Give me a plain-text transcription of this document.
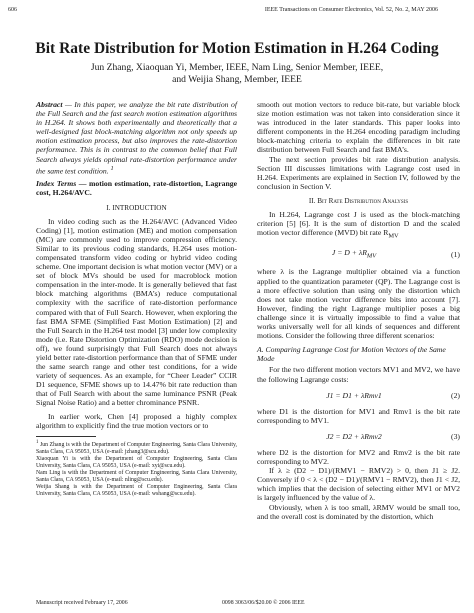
606	IEEE Transactions on Consumer Electronics, Vol. 52, No. 2, MAY 2006
Bit Rate Distribution for Motion Estimation in H.264 Coding
Jun Zhang, Xiaoquan Yi, Member, IEEE, Nam Ling, Senior Member, IEEE,
and Weijia Shang, Member, IEEE

Abstract — In this paper, we analyze the bit rate distribution of the Full Search and the fast search motion estimation algorithms in H.264. It shows both experimentally and theoretically that a well-designed fast block-matching algorithm not only speeds up motion estimation process, but also improves the rate-distortion performance. This is in contrast to the common belief that Full Search always yields optimal rate-distortion performance under the same test condition. $^1$

Index Terms — motion estimation, rate-distortion, Lagrange cost, H.264/AVC.

I. INTRODUCTION

In video coding such as the H.264/AVC (Advanced Video Coding) [1], motion estimation (ME) and motion compensation (MC) are commonly used to improve compression efficiency. Similar to its previous coding standards, H.264 uses motion-compensated transform video coding or hybrid video coding scheme. One important decision is what motion vector (MV) or a set of block MVs should be used for macroblock motion compensation in the inter-mode. It is generally believed that fast block matching algorithms (BMA’s) reduce computational complexity with the sacrifice of rate-distortion performance compared with that of Full Search. However, when exploring the fast BMA SFME (Simplified Fast Motion Estimation) [2] and the Full Search in the H.264 test model [3] under low complexity mode (i.e. Rate Distortion Optimization (RDO) mode decision is off), we found surprisingly that Full Search does not always yield better rate-distortion performance than that of SFME under the same search range and other test conditions, for a wide variety of sequences. As an example, for “Cheer Leader” CCIR D1 sequence, SFME shows up to 14.47% bit rate reduction than that of Full Search with about the same luminance PSNR (Peak Signal Noise Ratio) and a better chrominance PSNR.

In earlier work, Chen [4] proposed a highly complex algorithm to explicitly find the true motion vectors or to

$^1$ Jun Zhang is with the Department of Computer Engineering, Santa Clara University, Santa Clara, CA 95053, USA (e-mail: jzhang3@scu.edu).

Xiaoquan Yi is with the Department of Computer Engineering, Santa Clara University, Santa Clara, CA 95053, USA (e-mail: xyi@scu.edu).

Nam Ling is with the Department of Computer Engineering, Santa Clara University, Santa Clara, CA 95053, USA (e-mail: nling@scu.edu).

Weijia Shang is with the Department of Computer Engineering, Santa Clara University, Santa Clara, CA 95053, USA (e-mail: wshang@scu.edu).

smooth out motion vectors to reduce bit-rate, but variable block size motion estimation was not taken into consideration since it was introduced in the later standards. This paper looks into different components in the H.264 encoding paradigm including block-matching criteria to explain the differences in bit rate distribution between Full Search and fast BMA’s.

The next section provides bit rate distribution analysis. Section III discusses limitations with Lagrange cost used in H.264. Experiments are explained in Section IV, followed by the conclusion in Section V.

II. Bit Rate Distribution Analysis

In H.264, Lagrange cost J is used as the block-matching criterion [5] [6]. It is the sum of distortion D and the scaled motion vector difference (MVD) bit rate $R_{MV}$

$J = D + \lambda R_{MV}$	(1)

where λ is the Lagrange multiplier obtained via a function applied to the quantization parameter (QP). The Lagrange cost is a more effective solution than using only the distortion which does not take motion vector difference bits into account [7]. However, finding the right Lagrange multiplier poses a big challenge since it is virtually impossible to find a value that works universally well for all kinds of sequences and different motions. Consider the following three different scenarios:

A. Comparing Lagrange Cost for Motion Vectors of the Same Mode

For the two different motion vectors MV1 and MV2, we have the following Lagrange costs:

J1 = D1 + λRmv1	(2)

where D1 is the distortion for MV1 and Rmv1 is the bit rate corresponding to MV1.

J2 = D2 + λRmv2	(3)

where D2 is the distortion for MV2 and Rmv2 is the bit rate corresponding to MV2.

If λ ≥ (D2 − D1)/(RMV1 − RMV2) > 0, then J1 ≥ J2. Conversely if 0 < λ < (D2 − D1)/(RMV1 − RMV2), then J1 < J2, which implies that the decision of selecting either MV1 or MV2 is largely influenced by the value of λ.

Obviously, when λ is too small, λRMV would be small too, and the overall cost is dominated by the distortion, which

Manuscript received February 17, 2006	0098 3063/06/$20.00 © 2006 IEEE
